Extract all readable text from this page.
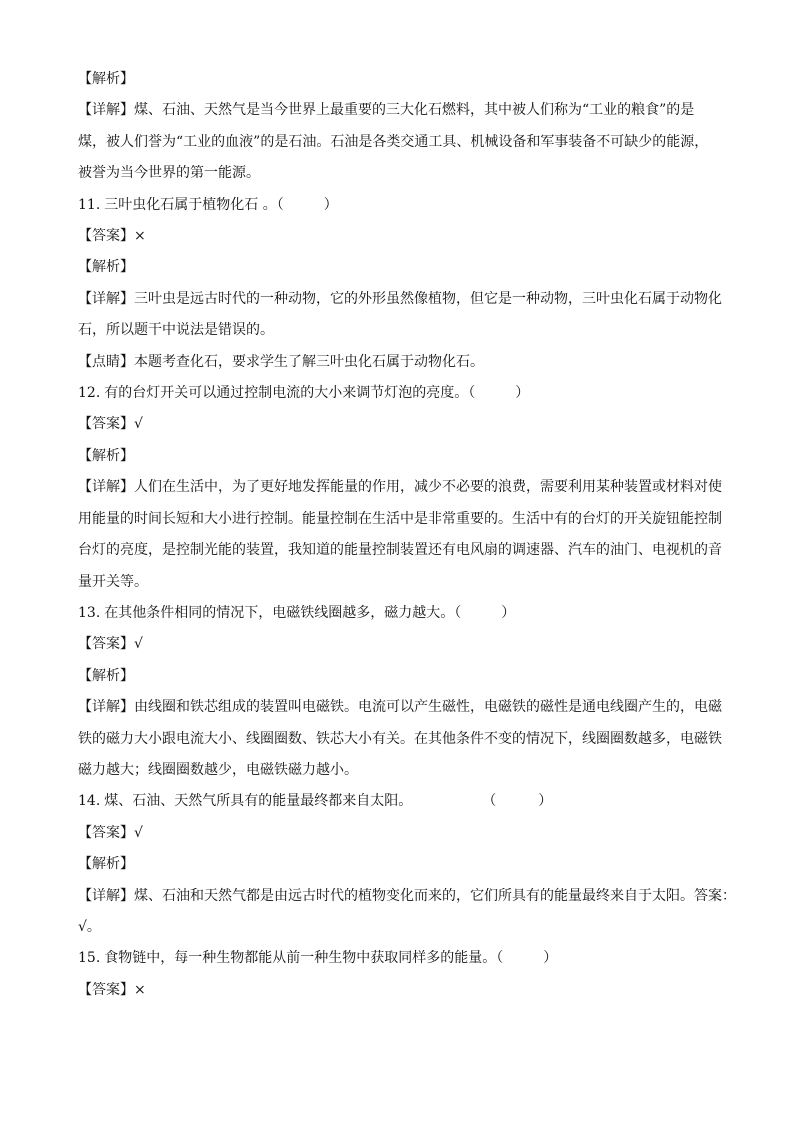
【解析】

【详解】煤、石油、天然气是当今世界上最重要的三大化石燃料，其中被人们称为“工业的粮食”的是

煤，被人们誉为“工业的血液”的是石油。石油是各类交通工具、机械设备和军事装备不可缺少的能源，

被誉为当今世界的第一能源。

11. 三叶虫化石属于植物化石 。（	）

【答案】×

【解析】

【详解】三叶虫是远古时代的一种动物，它的外形虽然像植物，但它是一种动物，三叶虫化石属于动物化

石，所以题干中说法是错误的。

【点睛】本题考查化石，要求学生了解三叶虫化石属于动物化石。

12. 有的台灯开关可以通过控制电流的大小来调节灯泡的亮度。（	）

【答案】√

【解析】

【详解】人们在生活中，为了更好地发挥能量的作用，减少不必要的浪费，需要利用某种装置或材料对使

用能量的时间长短和大小进行控制。能量控制在生活中是非常重要的。生活中有的台灯的开关旋钮能控制

台灯的亮度，是控制光能的装置，我知道的能量控制装置还有电风扇的调速器、汽车的油门、电视机的音

量开关等。

13. 在其他条件相同的情况下，电磁铁线圈越多，磁力越大。（	）

【答案】√

【解析】

【详解】由线圈和铁芯组成的装置叫电磁铁。电流可以产生磁性，电磁铁的磁性是通电线圈产生的，电磁

铁的磁力大小跟电流大小、线圈圈数、铁芯大小有关。在其他条件不变的情况下，线圈圈数越多，电磁铁

磁力越大；线圈圈数越少，电磁铁磁力越小。

14. 煤、石油、天然气所具有的能量最终都来自太阳。	（　　　）

【答案】√

【解析】

【详解】煤、石油和天然气都是由远古时代的植物变化而来的，它们所具有的能量最终来自于太阳。答案：

√。

15. 食物链中，每一种生物都能从前一种生物中获取同样多的能量。（	）

【答案】×
